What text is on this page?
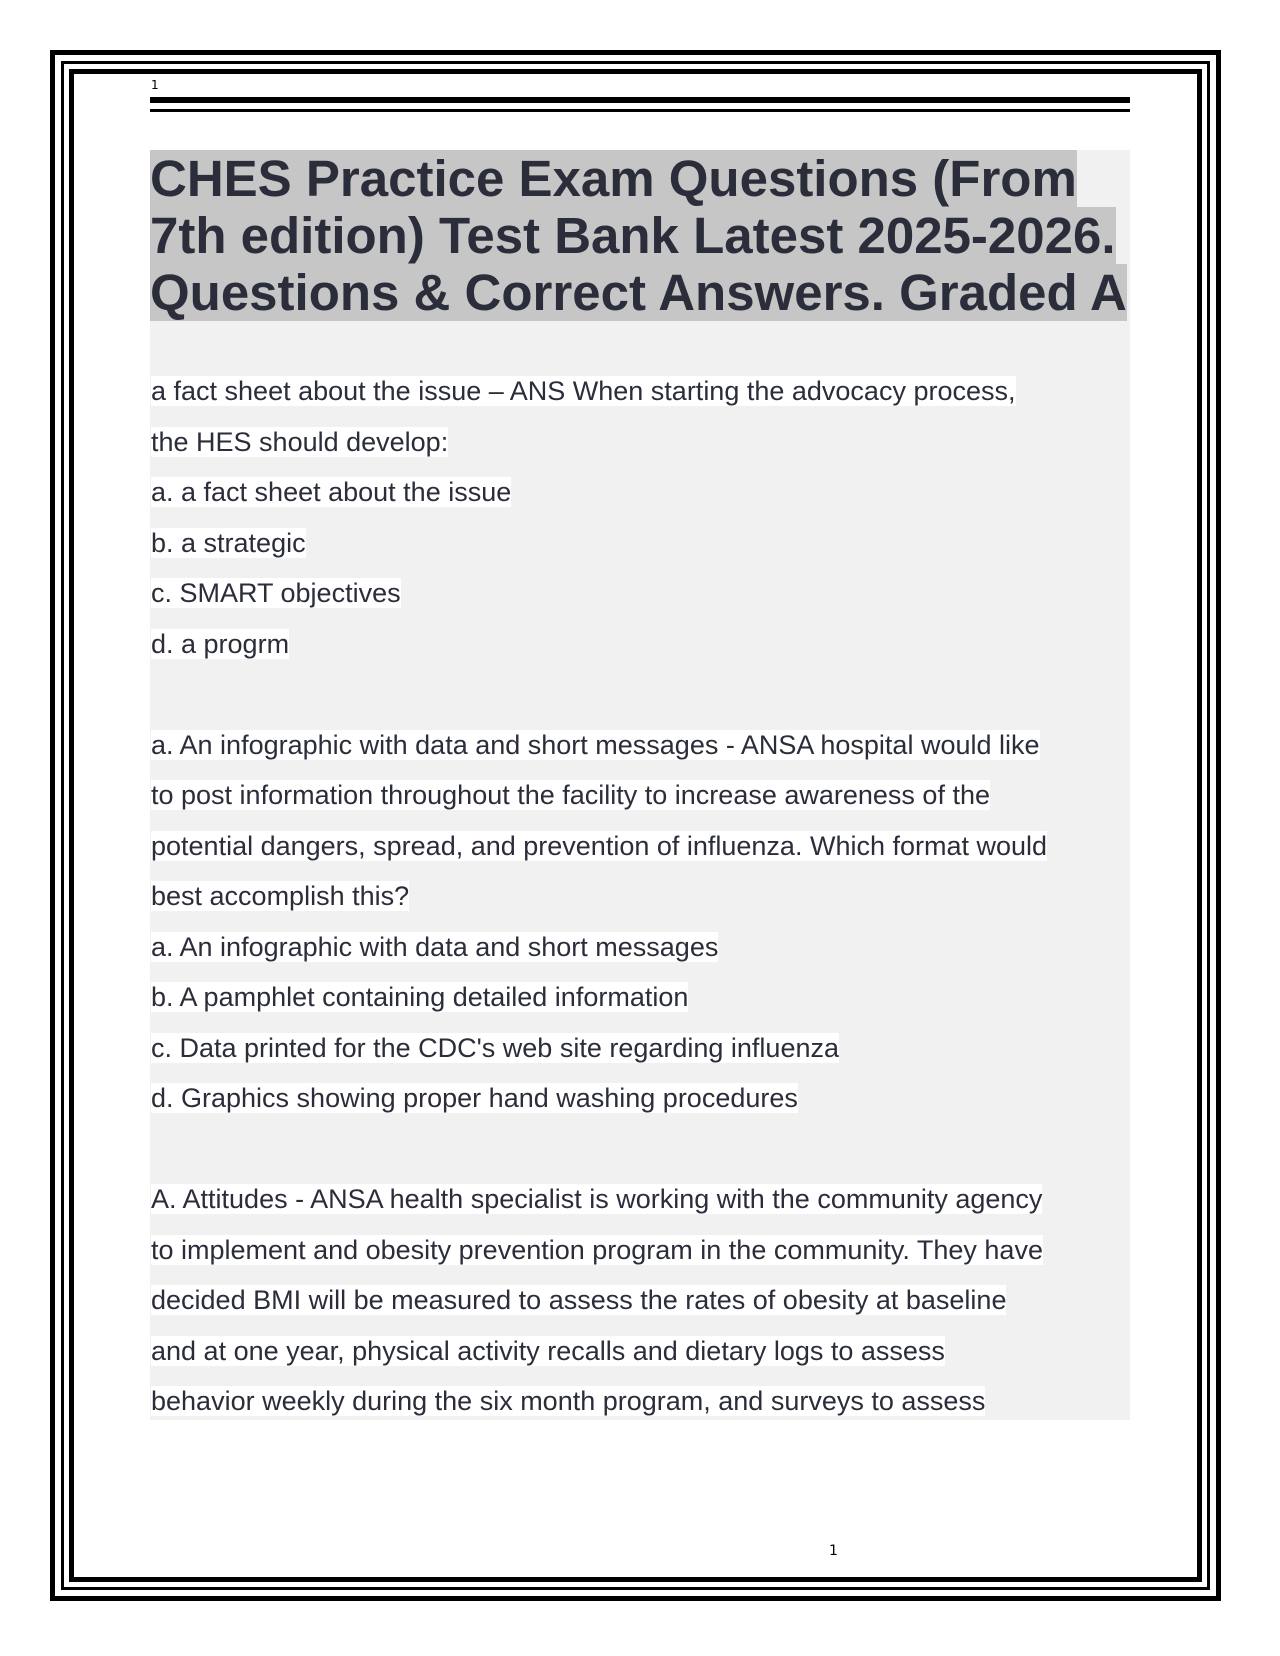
1
CHES Practice Exam Questions (From 7th edition) Test Bank Latest 2025-2026. Questions & Correct Answers. Graded A
a fact sheet about the issue – ANS When starting the advocacy process,
the HES should develop:
a. a fact sheet about the issue
b. a strategic
c. SMART objectives
d. a progrm
a. An infographic with data and short messages - ANSA hospital would like
to post information throughout the facility to increase awareness of the
potential dangers, spread, and prevention of influenza. Which format would
best accomplish this?
a. An infographic with data and short messages
b. A pamphlet containing detailed information
c. Data printed for the CDC's web site regarding influenza
d. Graphics showing proper hand washing procedures
A. Attitudes - ANSA health specialist is working with the community agency
to implement and obesity prevention program in the community. They have
decided BMI will be measured to assess the rates of obesity at baseline
and at one year, physical activity recalls and dietary logs to assess
behavior weekly during the six month program, and surveys to assess
1
